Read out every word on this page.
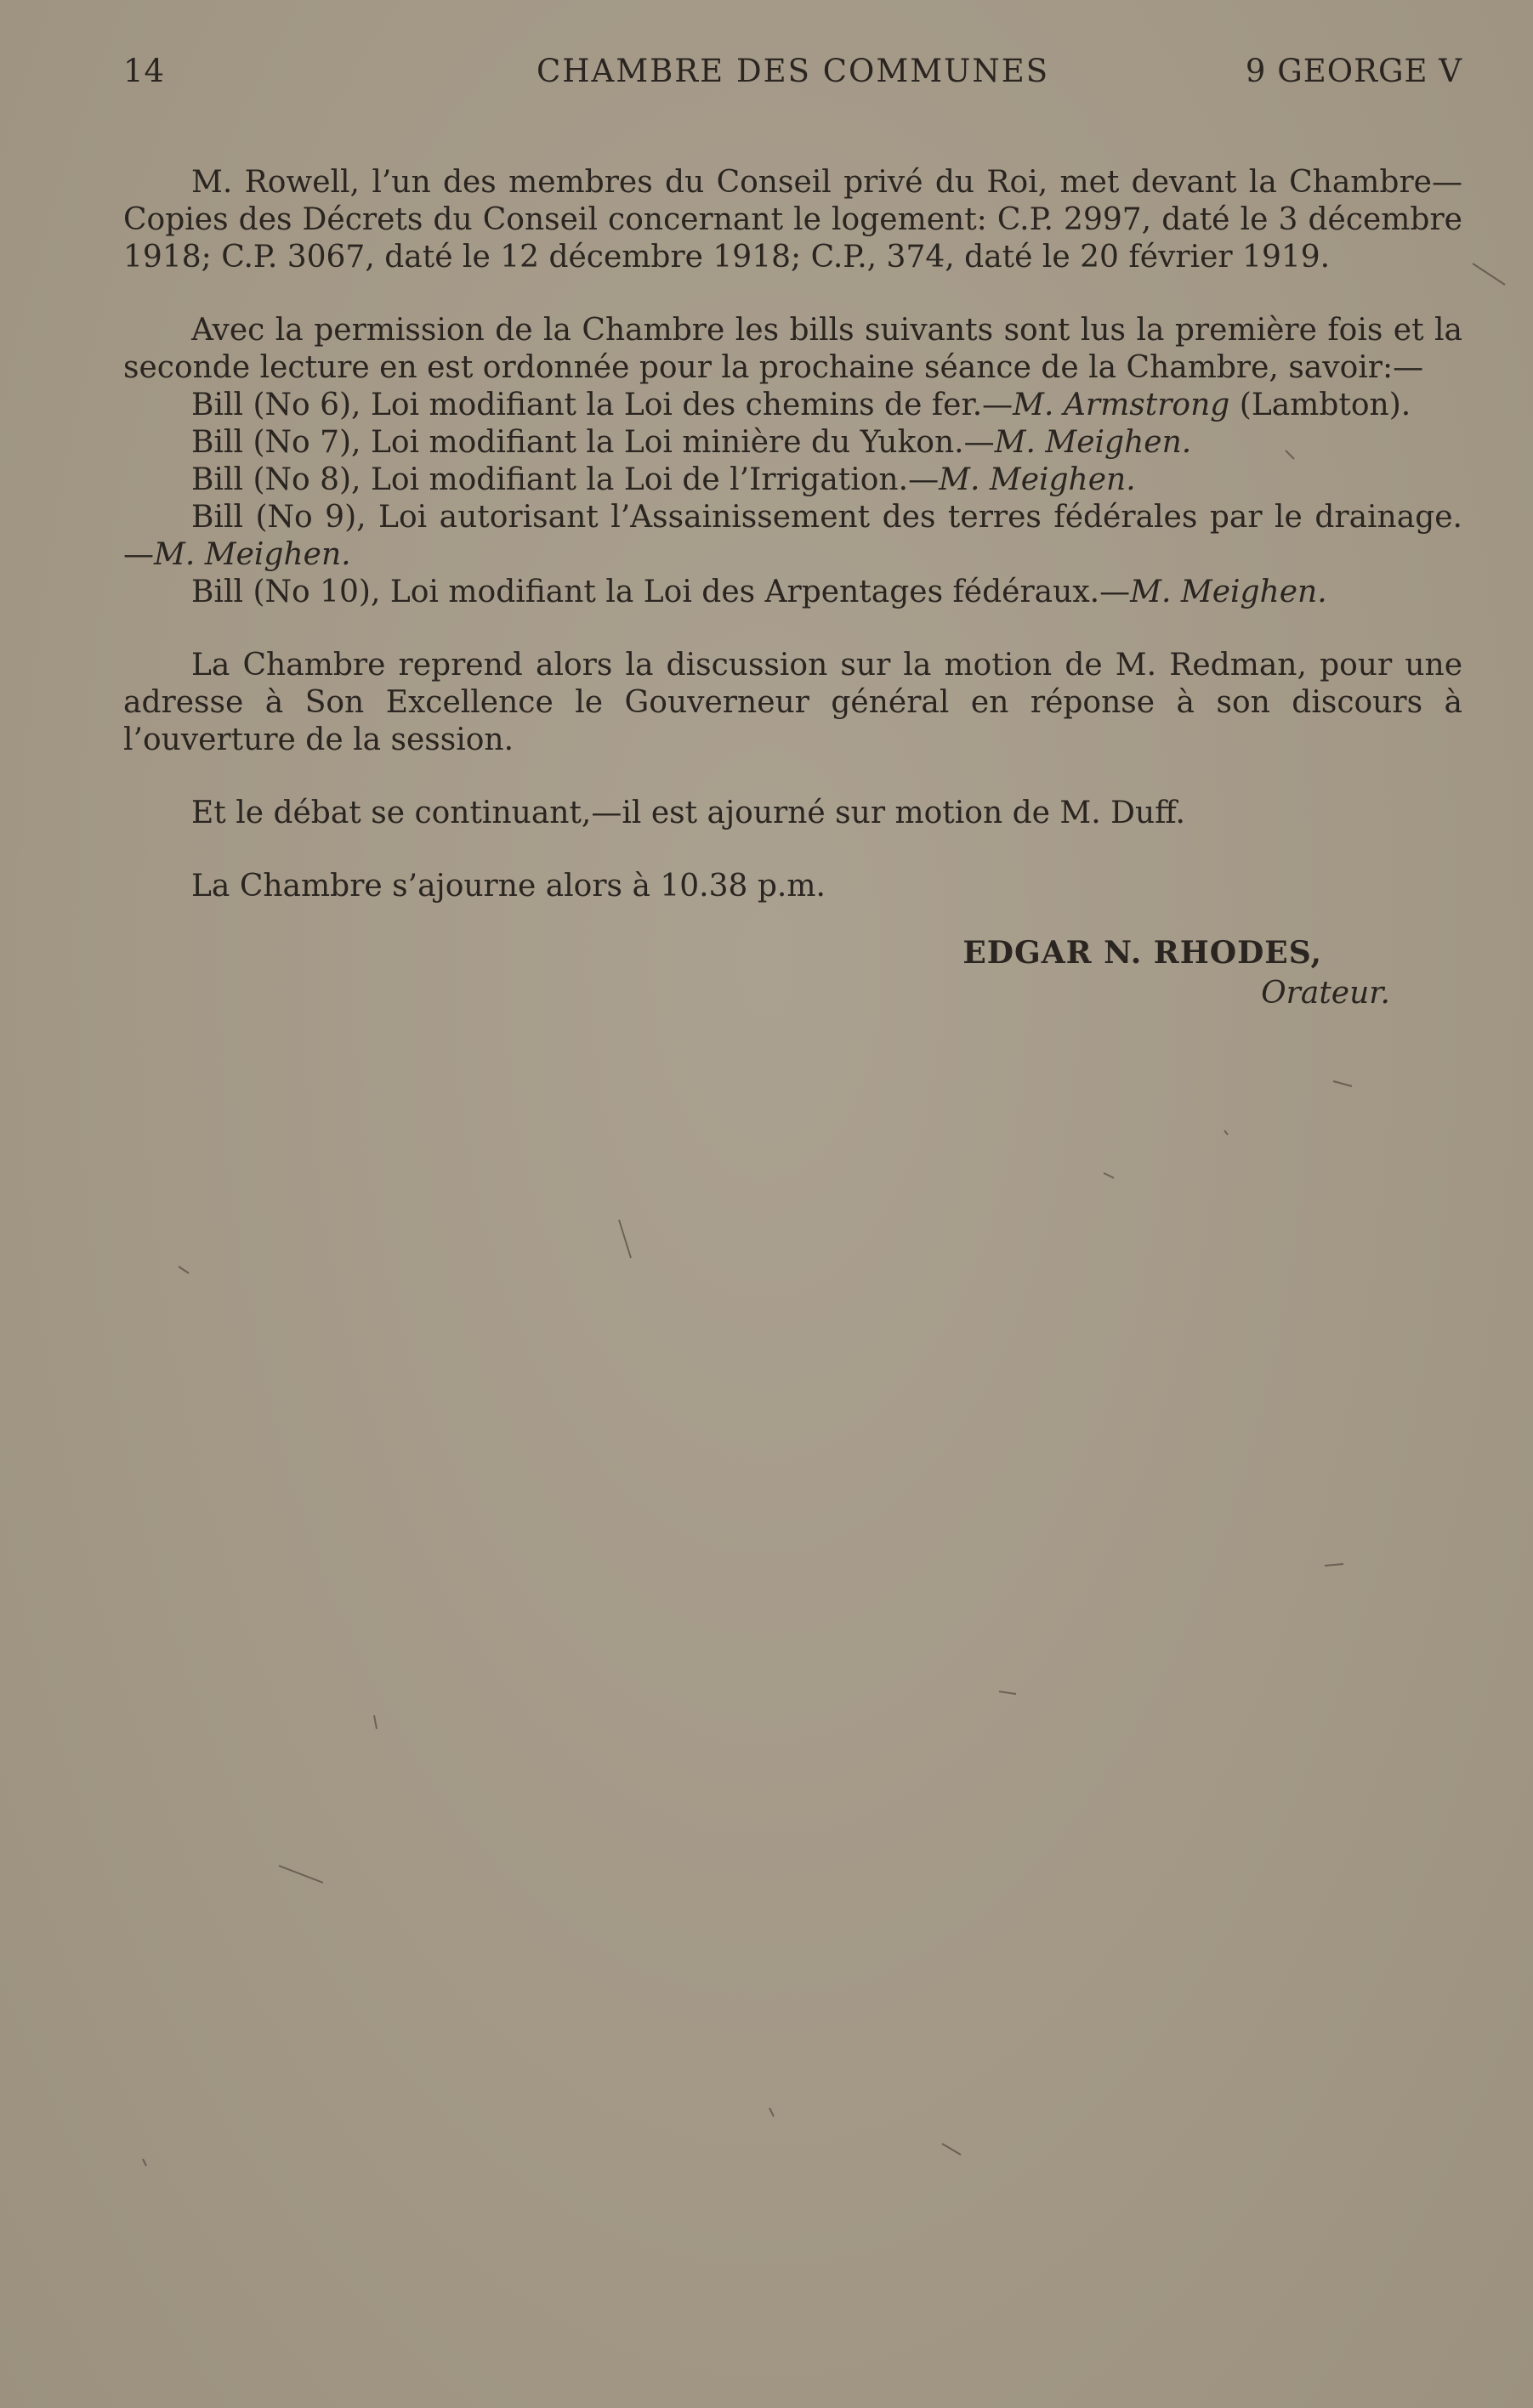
14	CHAMBRE DES COMMUNES	9 GEORGE V

M. Rowell, l’un des membres du Conseil privé du Roi, met devant la Chambre—Copies des Décrets du Conseil concernant le logement: C.P. 2997, daté le 3 décembre 1918; C.P. 3067, daté le 12 décembre 1918; C.P., 374, daté le 20 février 1919.

Avec la permission de la Chambre les bills suivants sont lus la première fois et la seconde lecture en est ordonnée pour la prochaine séance de la Chambre, savoir:—

Bill (No 6), Loi modifiant la Loi des chemins de fer.—M. Armstrong (Lambton).

Bill (No 7), Loi modifiant la Loi minière du Yukon.—M. Meighen.

Bill (No 8), Loi modifiant la Loi de l’Irrigation.—M. Meighen.

Bill (No 9), Loi autorisant l’Assainissement des terres fédérales par le drainage.—M. Meighen.

Bill (No 10), Loi modifiant la Loi des Arpentages fédéraux.—M. Meighen.

La Chambre reprend alors la discussion sur la motion de M. Redman, pour une adresse à Son Excellence le Gouverneur général en réponse à son discours à l’ouverture de la session.

Et le débat se continuant,—il est ajourné sur motion de M. Duff.

La Chambre s’ajourne alors à 10.38 p.m.

EDGAR N. RHODES,
Orateur.
